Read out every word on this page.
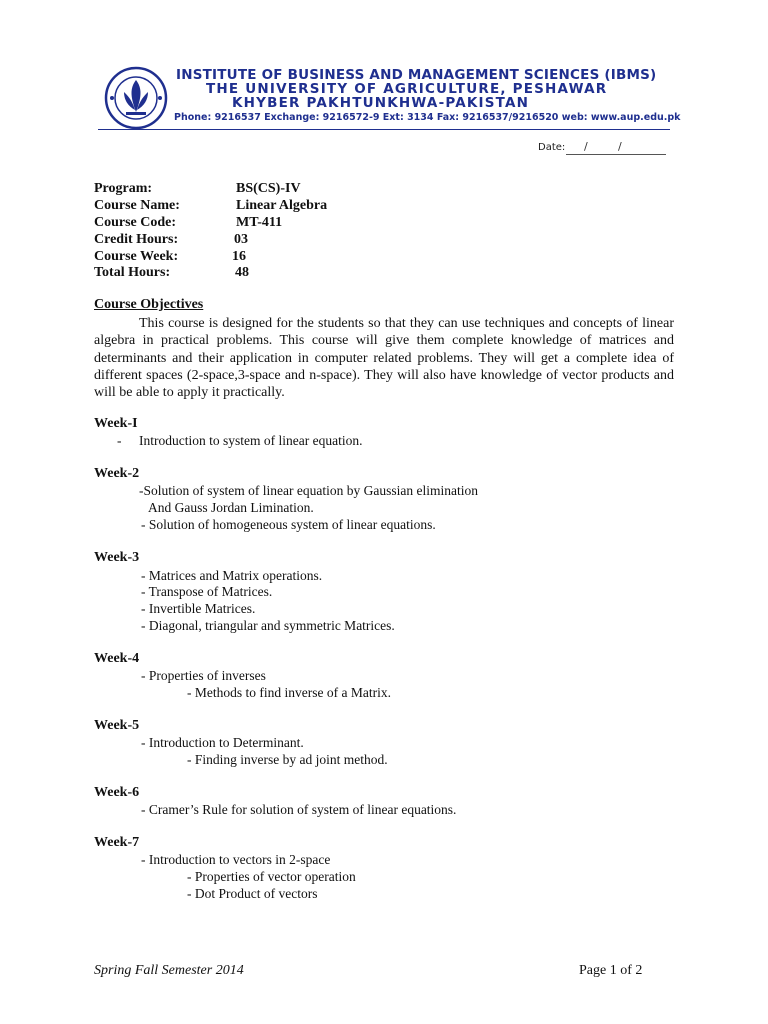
INSTITUTE OF BUSINESS AND MANAGEMENT SCIENCES (IBMS)
THE UNIVERSITY OF AGRICULTURE, PESHAWAR
KHYBER PAKHTUNKHWA-PAKISTAN
Phone: 9216537 Exchange: 9216572-9 Ext: 3134 Fax: 9216537/9216520 web: www.aup.edu.pk
Date: /	/
Program:	BS(CS)-IV
Course Name:	Linear Algebra
Course Code:	MT-411
Credit Hours:	03
Course Week:	16
Total Hours:	48
Course Objectives

This course is designed for the students so that they can use techniques and concepts of linear algebra in practical problems. This course will give them complete knowledge of matrices and determinants and their application in computer related problems. They will get a complete idea of different spaces (2-space,3-space and n-space). They will also have knowledge of vector products and will be able to apply it practically.

Week-I
- Introduction to system of linear equation.
Week-2
-Solution of system of linear equation by Gaussian elimination
And Gauss Jordan Limination.
- Solution of homogeneous system of linear equations.
Week-3
- Matrices and Matrix operations.
- Transpose of Matrices.
- Invertible Matrices.
- Diagonal, triangular and symmetric Matrices.
Week-4
- Properties of inverses
- Methods to find inverse of a Matrix.
Week-5
- Introduction to Determinant.
- Finding inverse by ad joint method.
Week-6
- Cramer’s Rule for solution of system of linear equations.
Week-7
- Introduction to vectors in 2-space
- Properties of vector operation
- Dot Product of vectors
Spring Fall Semester 2014	Page 1 of 2
